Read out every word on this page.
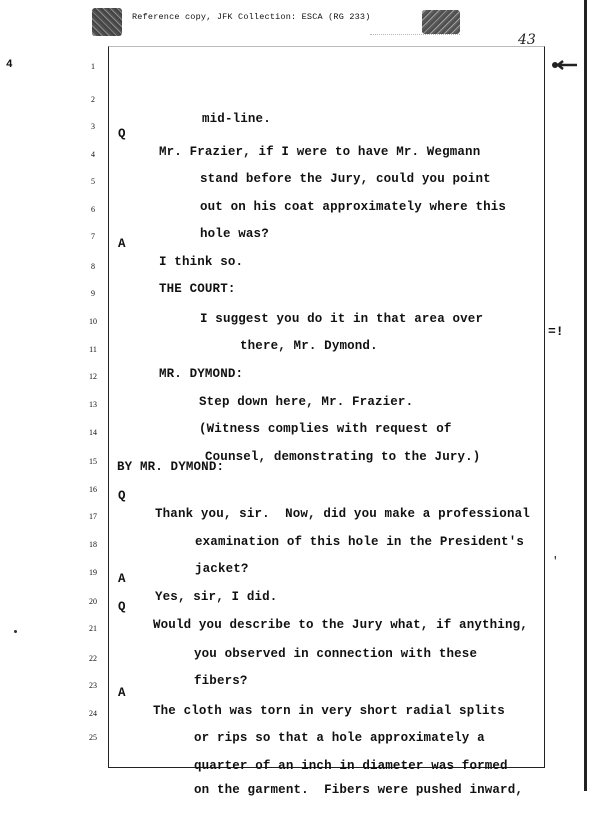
4
Reference copy, JFK Collection: ESCA (RG 233)
43
=!
'

1

mid-line.

2

Q

Mr. Frazier, if I were to have Mr. Wegmann

3

stand before the Jury, could you point

4

out on his coat approximately where this

5

hole was?

6

A

I think so.

7

THE COURT:

8

I suggest you do it in that area over

9

there, Mr. Dymond.

10

MR. DYMOND:

11

Step down here, Mr. Frazier.

12

(Witness complies with request of

13

Counsel, demonstrating to the Jury.)

14

BY MR. DYMOND:

15

Q

Thank you, sir.  Now, did you make a professional

16

examination of this hole in the President's

17

jacket?

18

A

Yes, sir, I did.

19

Q

Would you describe to the Jury what, if anything,

20

you observed in connection with these

21

fibers?

22

A

The cloth was torn in very short radial splits

23

or rips so that a hole approximately a

24

quarter of an inch in diameter was formed

25

on the garment.  Fibers were pushed inward,
